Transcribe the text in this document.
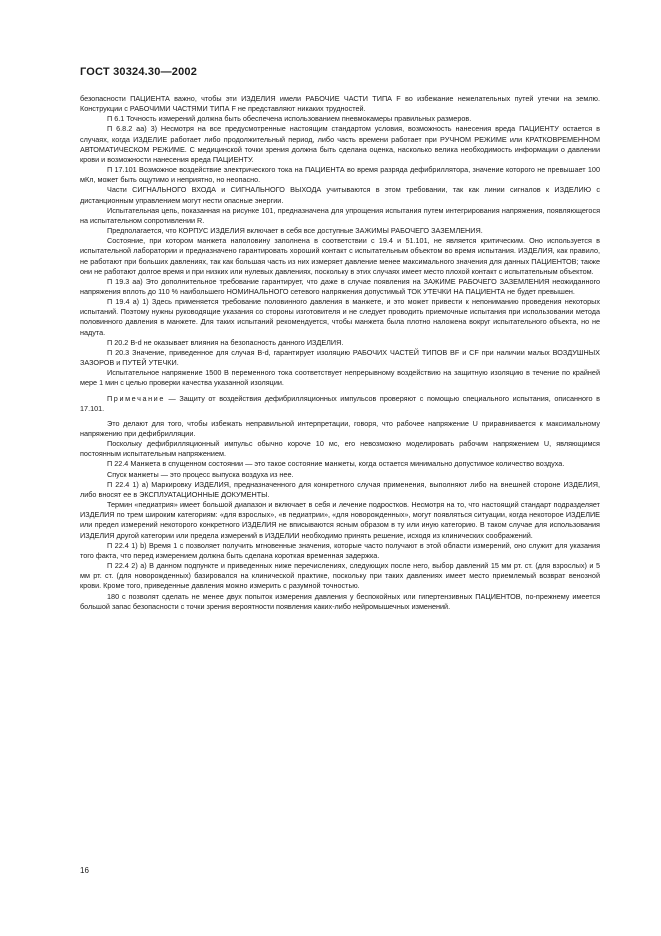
ГОСТ 30324.30—2002

безопасности ПАЦИЕНТА важно, чтобы эти ИЗДЕЛИЯ имели РАБОЧИЕ ЧАСТИ ТИПА F во избежание нежелательных путей утечки на землю. Конструкции с РАБОЧИМИ ЧАСТЯМИ ТИПА F не представляют никаких трудностей.

П 6.1 Точность измерений должна быть обеспечена использованием пневмокамеры правильных размеров.

П 6.8.2 аа) 3) Несмотря на все предусмотренные настоящим стандартом условия, возможность нанесения вреда ПАЦИЕНТУ остается в случаях, когда ИЗДЕЛИЕ работает либо продолжительный период, либо часть времени работает при РУЧНОМ РЕЖИМЕ или КРАТКОВРЕМЕННОМ АВТОМАТИЧЕСКОМ РЕЖИМЕ. С медицинской точки зрения должна быть сделана оценка, насколько велика необходимость информации о давлении крови и возможности нанесения вреда ПАЦИЕНТУ.

П 17.101 Возможное воздействие электрического тока на ПАЦИЕНТА во время разряда дефибриллятора, значение которого не превышает 100 мКл, может быть ощутимо и неприятно, но неопасно.

Части СИГНАЛЬНОГО ВХОДА и СИГНАЛЬНОГО ВЫХОДА учитываются в этом требовании, так как линии сигналов к ИЗДЕЛИЮ с дистанционным управлением могут нести опасные энергии.

Испытательная цепь, показанная на рисунке 101, предназначена для упрощения испытания путем интегрирования напряжения, появляющегося на испытательном сопротивлении R.

Предполагается, что КОРПУС ИЗДЕЛИЯ включает в себя все доступные ЗАЖИМЫ РАБОЧЕГО ЗАЗЕМЛЕНИЯ.

Состояние, при котором манжета наполовину заполнена в соответствии с 19.4 и 51.101, не является критическим. Оно используется в испытательной лаборатории и предназначено гарантировать хороший контакт с испытательным объектом во время испытания. ИЗДЕЛИЯ, как правило, не работают при больших давлениях, так как большая часть из них измеряет давление менее максимального значения для данных ПАЦИЕНТОВ; также они не работают долгое время и при низких или нулевых давлениях, поскольку в этих случаях имеет место плохой контакт с испытательным объектом.

П 19.3 аа) Это дополнительное требование гарантирует, что даже в случае появления на ЗАЖИМЕ РАБОЧЕГО ЗАЗЕМЛЕНИЯ неожиданного напряжения вплоть до 110 % наибольшего НОМИНАЛЬНОГО сетевого напряжения допустимый ТОК УТЕЧКИ НА ПАЦИЕНТА не будет превышен.

П 19.4 а) 1) Здесь применяется требование половинного давления в манжете, и это может привести к непониманию проведения некоторых испытаний. Поэтому нужны руководящие указания со стороны изготовителя и не следует проводить приемочные испытания при использовании метода половинного давления в манжете. Для таких испытаний рекомендуется, чтобы манжета была плотно наложена вокруг испытательного объекта, но не надута.

П 20.2 В-d не оказывает влияния на безопасность данного ИЗДЕЛИЯ.

П 20.3 Значение, приведенное для случая В-d, гарантирует изоляцию РАБОЧИХ ЧАСТЕЙ ТИПОВ BF и CF при наличии малых ВОЗДУШНЫХ ЗАЗОРОВ и ПУТЕЙ УТЕЧКИ.

Испытательное напряжение 1500 В переменного тока соответствует непрерывному воздействию на защитную изоляцию в течение по крайней мере 1 мин с целью проверки качества указанной изоляции.

Примечание — Защиту от воздействия дефибрилляционных импульсов проверяют с помощью специального испытания, описанного в 17.101.

Это делают для того, чтобы избежать неправильной интерпретации, говоря, что рабочее напряжение U приравнивается к максимальному напряжению при дефибрилляции.

Поскольку дефибрилляционный импульс обычно короче 10 мс, его невозможно моделировать рабочим напряжением U, являющимся постоянным испытательным напряжением.

П 22.4 Манжета в спущенном состоянии — это такое состояние манжеты, когда остается минимально допустимое количество воздуха.

Спуск манжеты — это процесс выпуска воздуха из нее.

П 22.4 1) а) Маркировку ИЗДЕЛИЯ, предназначенного для конкретного случая применения, выполняют либо на внешней стороне ИЗДЕЛИЯ, либо вносят ее в ЭКСПЛУАТАЦИОННЫЕ ДОКУМЕНТЫ.

Термин «педиатрия» имеет большой диапазон и включает в себя и лечение подростков. Несмотря на то, что настоящий стандарт подразделяет ИЗДЕЛИЯ по трем широким категориям: «для взрослых», «в педиатрии», «для новорожденных», могут появляться ситуации, когда некоторое ИЗДЕЛИЕ или предел измерений некоторого конкретного ИЗДЕЛИЯ не вписываются ясным образом в ту или иную категорию. В таком случае для использования ИЗДЕЛИЯ другой категории или предела измерений в ИЗДЕЛИИ необходимо принять решение, исходя из клинических соображений.

П 22.4 1) b) Время 1 с позволяет получить мгновенные значения, которые часто получают в этой области измерений, оно служит для указания того факта, что перед измерением должна быть сделана короткая временная задержка.

П 22.4 2) а) В данном подпункте и приведенных ниже перечислениях, следующих после него, выбор давлений 15 мм рт. ст. (для взрослых) и 5 мм рт. ст. (для новорожденных) базировался на клинической практике, поскольку при таких давлениях имеет место приемлемый возврат венозной крови. Кроме того, приведенные давления можно измерить с разумной точностью.

180 с позволят сделать не менее двух попыток измерения давления у беспокойных или гипертензивных ПАЦИЕНТОВ, по-прежнему имеется большой запас безопасности с точки зрения вероятности появления каких-либо нейромышечных изменений.

16
